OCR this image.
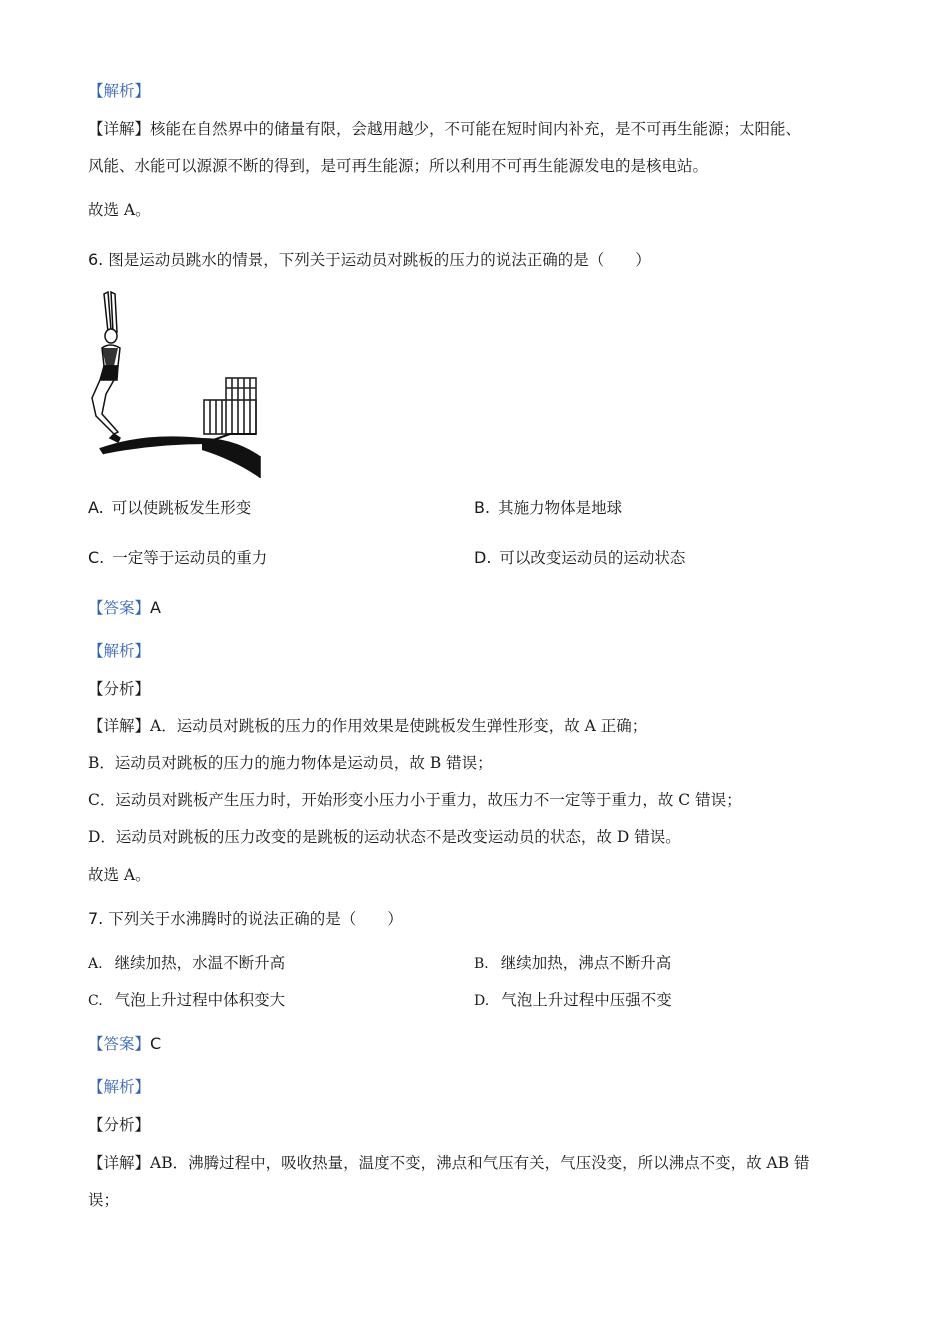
【解析】
【详解】核能在自然界中的储量有限，会越用越少，不可能在短时间内补充，是不可再生能源；太阳能、
风能、水能可以源源不断的得到，是可再生能源；所以利用不可再生能源发电的是核电站。
故选 A。
6. 图是运动员跳水的情景，下列关于运动员对跳板的压力的说法正确的是（　　）
A. 可以使跳板发生形变	B. 其施力物体是地球
C. 一定等于运动员的重力	D. 可以改变运动员的运动状态
【答案】A
【解析】
【分析】
【详解】A．运动员对跳板的压力的作用效果是使跳板发生弹性形变，故 A 正确；
B．运动员对跳板的压力的施力物体是运动员，故 B 错误；
C．运动员对跳板产生压力时，开始形变小压力小于重力，故压力不一定等于重力，故 C 错误；
D．运动员对跳板的压力改变的是跳板的运动状态不是改变运动员的状态，故 D 错误。
故选 A。
7. 下列关于水沸腾时的说法正确的是（　　）
A. 继续加热，水温不断升高	B. 继续加热，沸点不断升高
C. 气泡上升过程中体积变大	D. 气泡上升过程中压强不变
【答案】C
【解析】
【分析】
【详解】AB．沸腾过程中，吸收热量，温度不变，沸点和气压有关，气压没变，所以沸点不变，故 AB 错
误；
